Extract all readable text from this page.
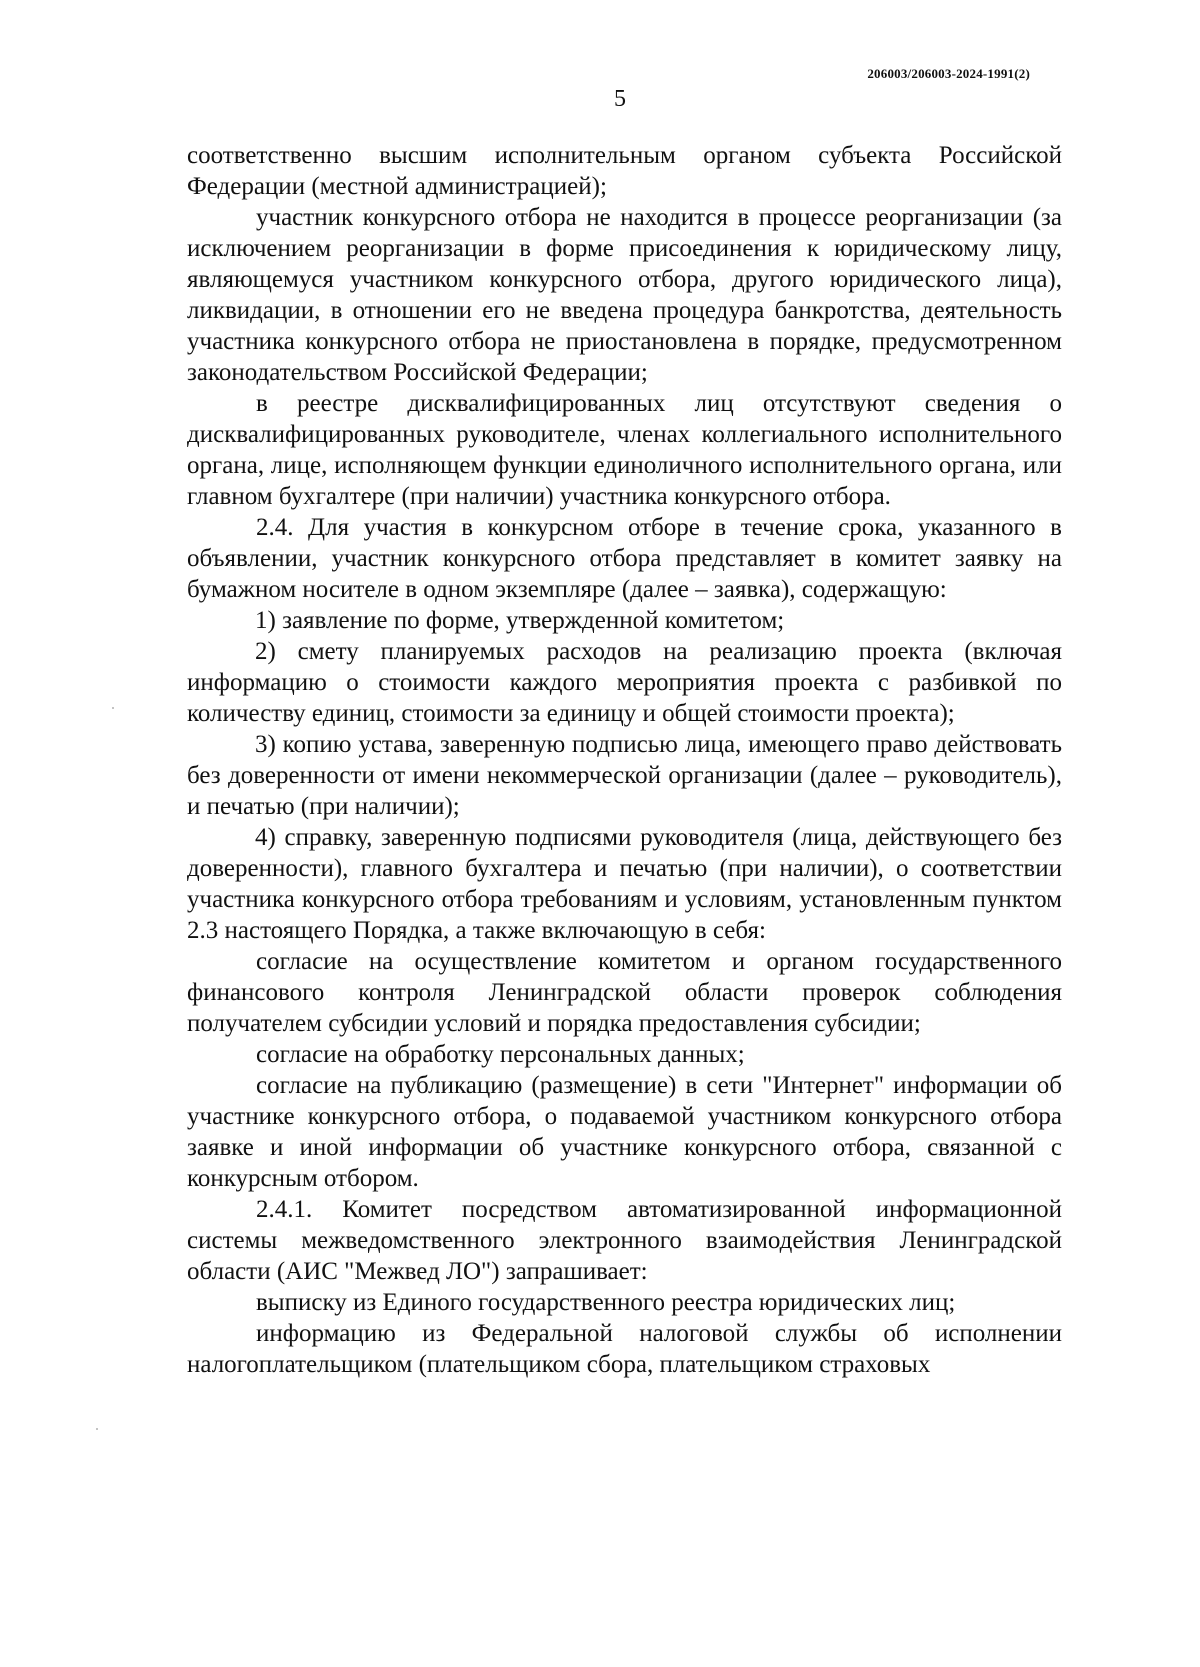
206003/206003-2024-1991(2)
5

соответственно высшим исполнительным органом субъекта Российской Федерации (местной администрацией);

участник конкурсного отбора не находится в процессе реорганизации (за исключением реорганизации в форме присоединения к юридическому лицу, являющемуся участником конкурсного отбора, другого юридического лица), ликвидации, в отношении его не введена процедура банкротства, деятельность участника конкурсного отбора не приостановлена в порядке, предусмотренном законодательством Российской Федерации;

в реестре дисквалифицированных лиц отсутствуют сведения о дисквалифицированных руководителе, членах коллегиального исполнительного органа, лице, исполняющем функции единоличного исполнительного органа, или главном бухгалтере (при наличии) участника конкурсного отбора.

2.4. Для участия в конкурсном отборе в течение срока, указанного в объявлении, участник конкурсного отбора представляет в комитет заявку на бумажном носителе в одном экземпляре (далее – заявка), содержащую:

1) заявление по форме, утвержденной комитетом;

2) смету планируемых расходов на реализацию проекта (включая информацию о стоимости каждого мероприятия проекта с разбивкой по количеству единиц, стоимости за единицу и общей стоимости проекта);

3) копию устава, заверенную подписью лица, имеющего право действовать без доверенности от имени некоммерческой организации (далее – руководитель), и печатью (при наличии);

4) справку, заверенную подписями руководителя (лица, действующего без доверенности), главного бухгалтера и печатью (при наличии), о соответствии участника конкурсного отбора требованиям и условиям, установленным пунктом 2.3 настоящего Порядка, а также включающую в себя:

согласие на осуществление комитетом и органом государственного финансового контроля Ленинградской области проверок соблюдения получателем субсидии условий и порядка предоставления субсидии;

согласие на обработку персональных данных;

согласие на публикацию (размещение) в сети "Интернет" информации об участнике конкурсного отбора, о подаваемой участником конкурсного отбора заявке и иной информации об участнике конкурсного отбора, связанной с конкурсным отбором.

2.4.1. Комитет посредством автоматизированной информационной системы межведомственного электронного взаимодействия Ленинградской области (АИС "Межвед ЛО") запрашивает:

выписку из Единого государственного реестра юридических лиц;

информацию из Федеральной налоговой службы об исполнении налогоплательщиком (плательщиком сбора, плательщиком страховых
